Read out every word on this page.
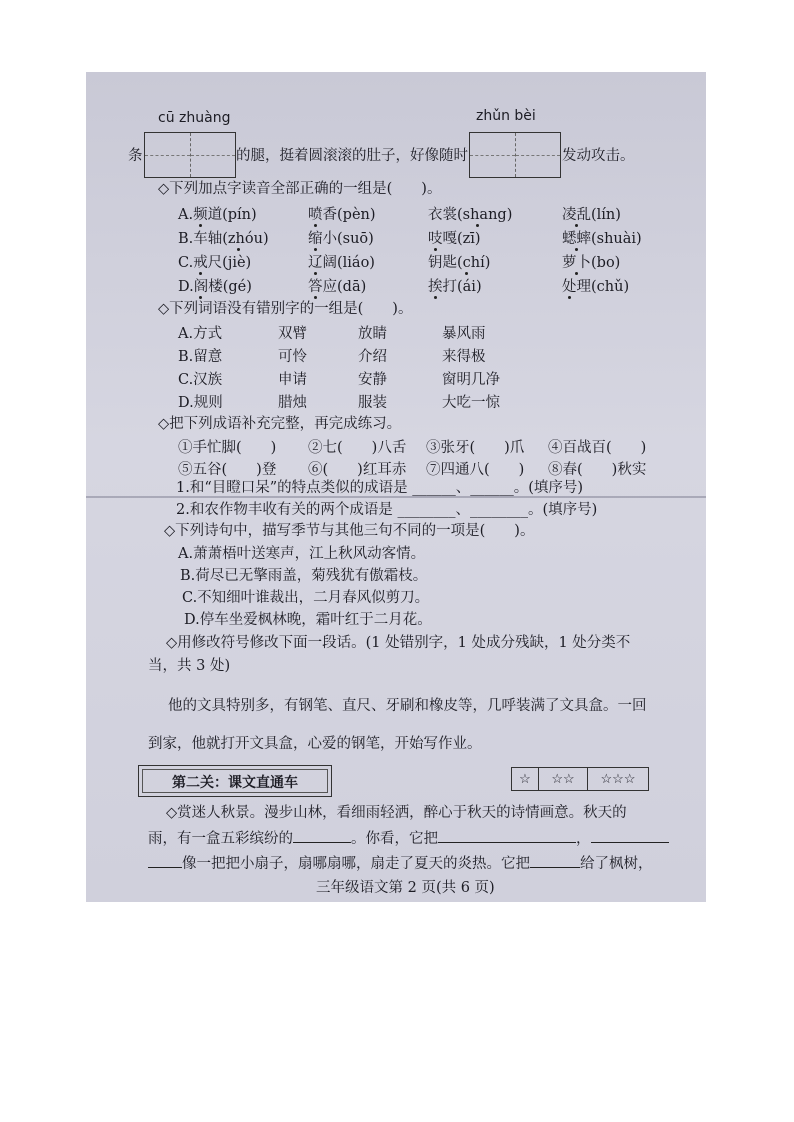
cū zhuàng	zhǔn bèi
条	的腿，挺着圆滚滚的肚子，好像随时	发动攻击。
◇下列加点字读音全部正确的一组是(　　)。
A.频道(pín)	喷香(pèn)	衣裳(shang)	凌乱(lín)
B.车轴(zhóu)	缩小(suō)	吱嘎(zī)	蟋蟀(shuài)
C.戒尺(jiè)	辽阔(liáo)	钥匙(chí)	萝卜(bo)
D.阁楼(gé)	答应(dā)	挨打(ái)	处理(chǔ)
◇下列词语没有错别字的一组是(　　)。
A.方式	双臂	放睛	暴风雨
B.留意	可怜	介绍	来得极
C.汉族	申请	安静	窗明几净
D.规则	腊烛	服装	大吃一惊
◇把下列成语补充完整，再完成练习。
①手忙脚(　　) ②七(　　)八舌 ③张牙(　　)爪 ④百战百(　　)
⑤五谷(　　)登 ⑥(　　)红耳赤 ⑦四通八(　　) ⑧春(　　)秋实
1.和“目瞪口呆”的特点类似的成语是 ______、______。(填序号)
2.和农作物丰收有关的两个成语是 ________、________。(填序号)
◇下列诗句中，描写季节与其他三句不同的一项是(　　)。
A.萧萧梧叶送寒声，江上秋风动客情。
B.荷尽已无擎雨盖，菊残犹有傲霜枝。
C.不知细叶谁裁出，二月春风似剪刀。
D.停车坐爱枫林晚，霜叶红于二月花。
◇用修改符号修改下面一段话。(1 处错别字，1 处成分残缺，1 处分类不
当，共 3 处)
他的文具特别多，有钢笔、直尺、牙刷和橡皮等，几呼装满了文具盒。一回
到家，他就打开文具盒，心爱的钢笔，开始写作业。
第二关：课文直通车	☆	☆☆	☆☆☆
◇赏迷人秋景。漫步山林，看细雨轻洒，醉心于秋天的诗情画意。秋天的
雨，有一盒五彩缤纷的	。你看，它把	，
像一把把小扇子，扇哪扇哪，扇走了夏天的炎热。它把	给了枫树，
三年级语文第 2 页(共 6 页)
